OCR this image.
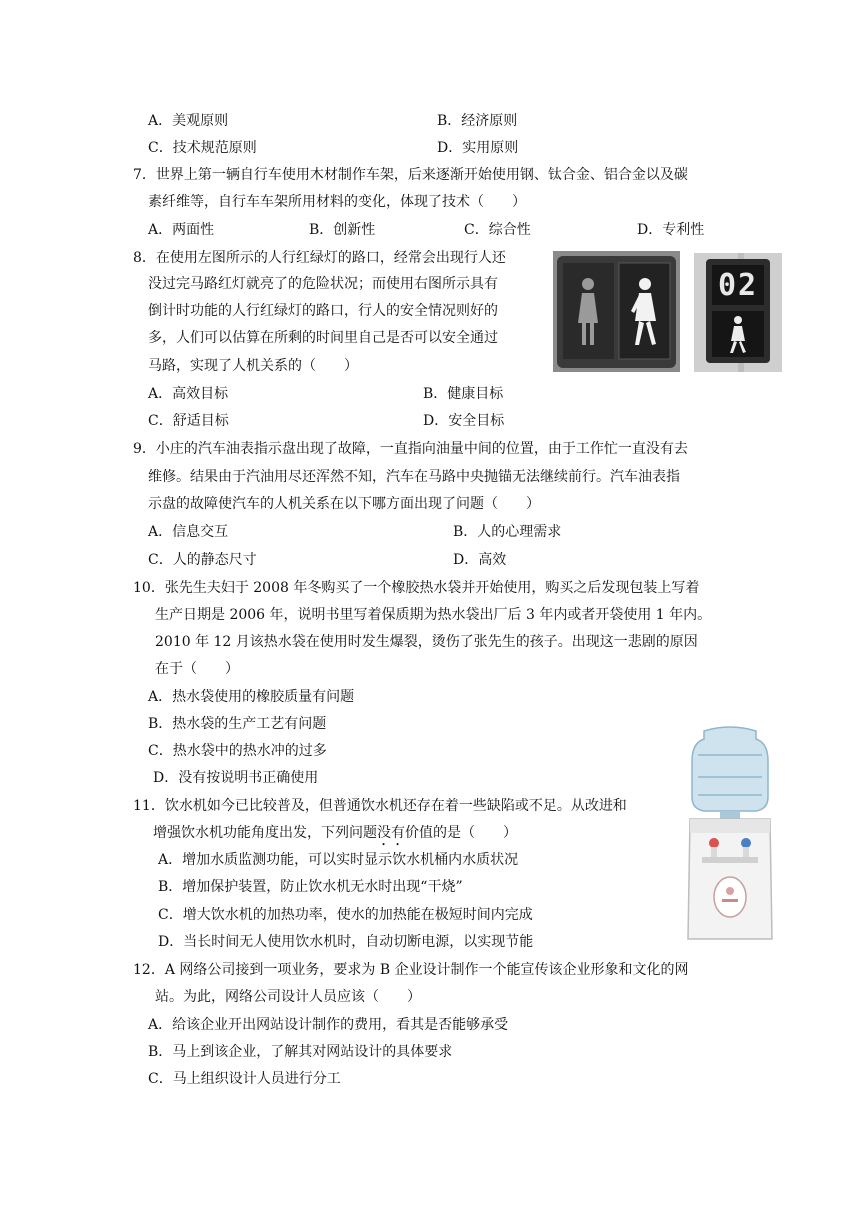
A．美观原则	B．经济原则
C．技术规范原则	D．实用原则
7．世界上第一辆自行车使用木材制作车架，后来逐渐开始使用钢、钛合金、铝合金以及碳
素纤维等，自行车车架所用材料的变化，体现了技术（　　）
A．两面性	B．创新性	C．综合性	D．专利性
8．在使用左图所示的人行红绿灯的路口，经常会出现行人还
没过完马路红灯就亮了的危险状况；而使用右图所示具有
倒计时功能的人行红绿灯的路口，行人的安全情况则好的
多，人们可以估算在所剩的时间里自己是否可以安全通过
马路，实现了人机关系的（　　）
A．高效目标	B．健康目标
C．舒适目标	D．安全目标
02
9．小庄的汽车油表指示盘出现了故障，一直指向油量中间的位置，由于工作忙一直没有去
维修。结果由于汽油用尽还浑然不知，汽车在马路中央抛锚无法继续前行。汽车油表指
示盘的故障使汽车的人机关系在以下哪方面出现了问题（　　）
A．信息交互	B．人的心理需求
C．人的静态尺寸	D．高效
10．张先生夫妇于 2008 年冬购买了一个橡胶热水袋并开始使用，购买之后发现包装上写着
生产日期是 2006 年，说明书里写着保质期为热水袋出厂后 3 年内或者开袋使用 1 年内。
2010 年 12 月该热水袋在使用时发生爆裂，烫伤了张先生的孩子。出现这一悲剧的原因
在于（　　）
A．热水袋使用的橡胶质量有问题
B．热水袋的生产工艺有问题
C．热水袋中的热水冲的过多
D．没有按说明书正确使用
11．饮水机如今已比较普及，但普通饮水机还存在着一些缺陷或不足。从改进和
增强饮水机功能角度出发，下列问题没有价值的是（　　）
A．增加水质监测功能，可以实时显示饮水机桶内水质状况
B．增加保护装置，防止饮水机无水时出现“干烧”
C．增大饮水机的加热功率，使水的加热能在极短时间内完成
D．当长时间无人使用饮水机时，自动切断电源，以实现节能
12．A 网络公司接到一项业务，要求为 B 企业设计制作一个能宣传该企业形象和文化的网
站。为此，网络公司设计人员应该（　　）
A．给该企业开出网站设计制作的费用，看其是否能够承受
B．马上到该企业，了解其对网站设计的具体要求
C．马上组织设计人员进行分工
